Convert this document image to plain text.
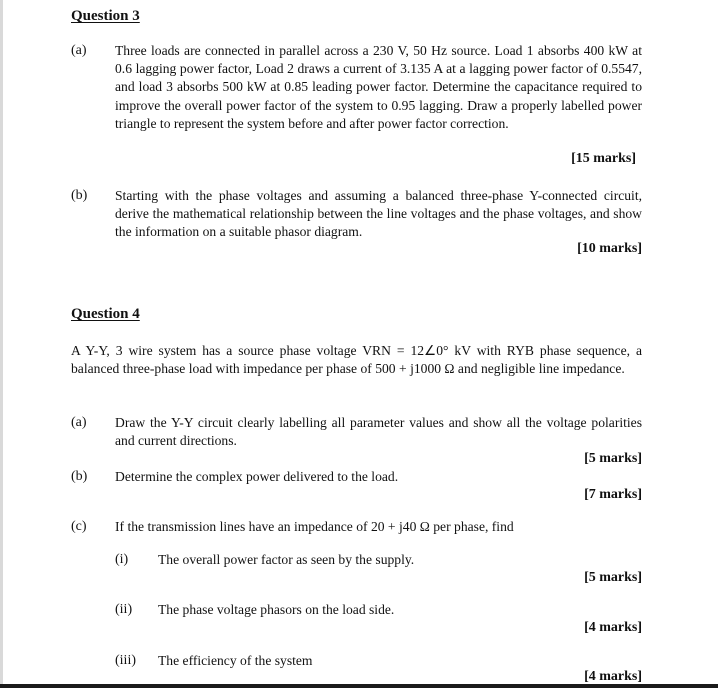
Question 3
(a) Three loads are connected in parallel across a 230 V, 50 Hz source. Load 1 absorbs 400 kW at 0.6 lagging power factor, Load 2 draws a current of 3.135 A at a lagging power factor of 0.5547, and load 3 absorbs 500 kW at 0.85 leading power factor. Determine the capacitance required to improve the overall power factor of the system to 0.95 lagging. Draw a properly labelled power triangle to represent the system before and after power factor correction.

[15 marks]
(b) Starting with the phase voltages and assuming a balanced three-phase Y-connected circuit, derive the mathematical relationship between the line voltages and the phase voltages, and show the information on a suitable phasor diagram.

[10 marks]
Question 4

A Y-Y, 3 wire system has a source phase voltage VRN = 12∠0° kV with RYB phase sequence, a balanced three-phase load with impedance per phase of 500 + j1000 Ω and negligible line impedance.

(a) Draw the Y-Y circuit clearly labelling all parameter values and show all the voltage polarities and current directions.

[5 marks]
(b) Determine the complex power delivered to the load.

[7 marks]
(c) If the transmission lines have an impedance of 20 + j40 Ω per phase, find

(i) The overall power factor as seen by the supply.

[5 marks]
(ii) The phase voltage phasors on the load side.

[4 marks]
(iii) The efficiency of the system

[4 marks]
